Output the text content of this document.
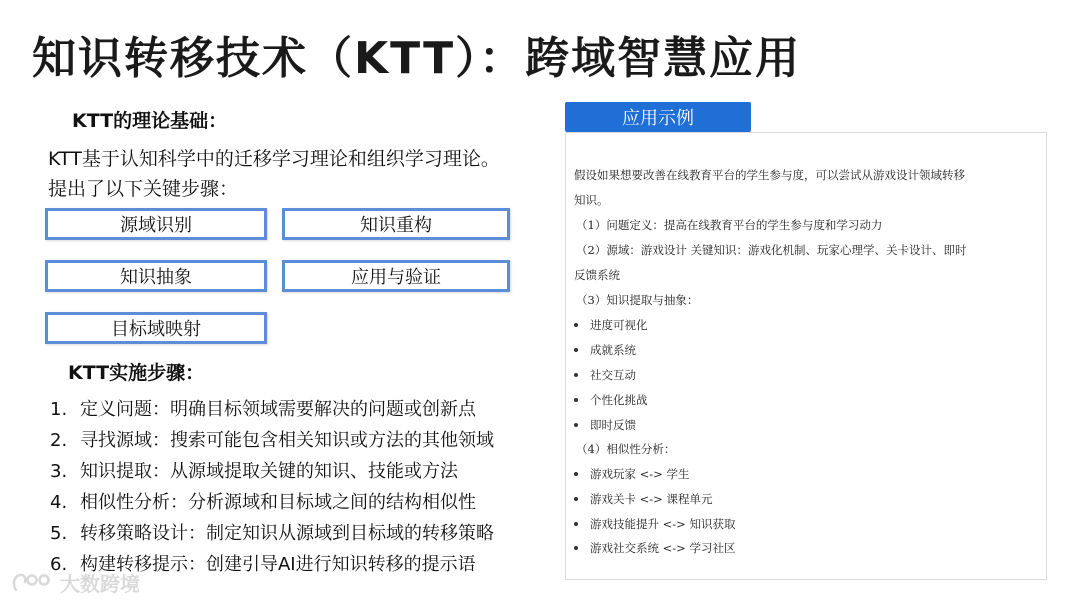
知识转移技术（KTT）：跨域智慧应用
KTT的理论基础：
KTT基于认知科学中的迁移学习理论和组织学习理论。
提出了以下关键步骤：
源域识别	知识重构
知识抽象	应用与验证
目标域映射
KTT实施步骤：
1. 定义问题：明确目标领域需要解决的问题或创新点
2. 寻找源域：搜索可能包含相关知识或方法的其他领域
3. 知识提取：从源域提取关键的知识、技能或方法
4. 相似性分析：分析源域和目标域之间的结构相似性
5. 转移策略设计：制定知识从源域到目标域的转移策略
6. 构建转移提示：创建引导AI进行知识转移的提示语
应用示例
假设如果想要改善在线教育平台的学生参与度，可以尝试从游戏设计领域转移
知识。
（1）问题定义：提高在线教育平台的学生参与度和学习动力
（2）源域：游戏设计 关键知识：游戏化机制、玩家心理学、关卡设计、即时
反馈系统
（3）知识提取与抽象：
进度可视化
成就系统
社交互动
个性化挑战
即时反馈
（4）相似性分析：
游戏玩家 <-> 学生
游戏关卡 <-> 课程单元
游戏技能提升 <-> 知识获取
游戏社交系统 <-> 学习社区
大数跨境
